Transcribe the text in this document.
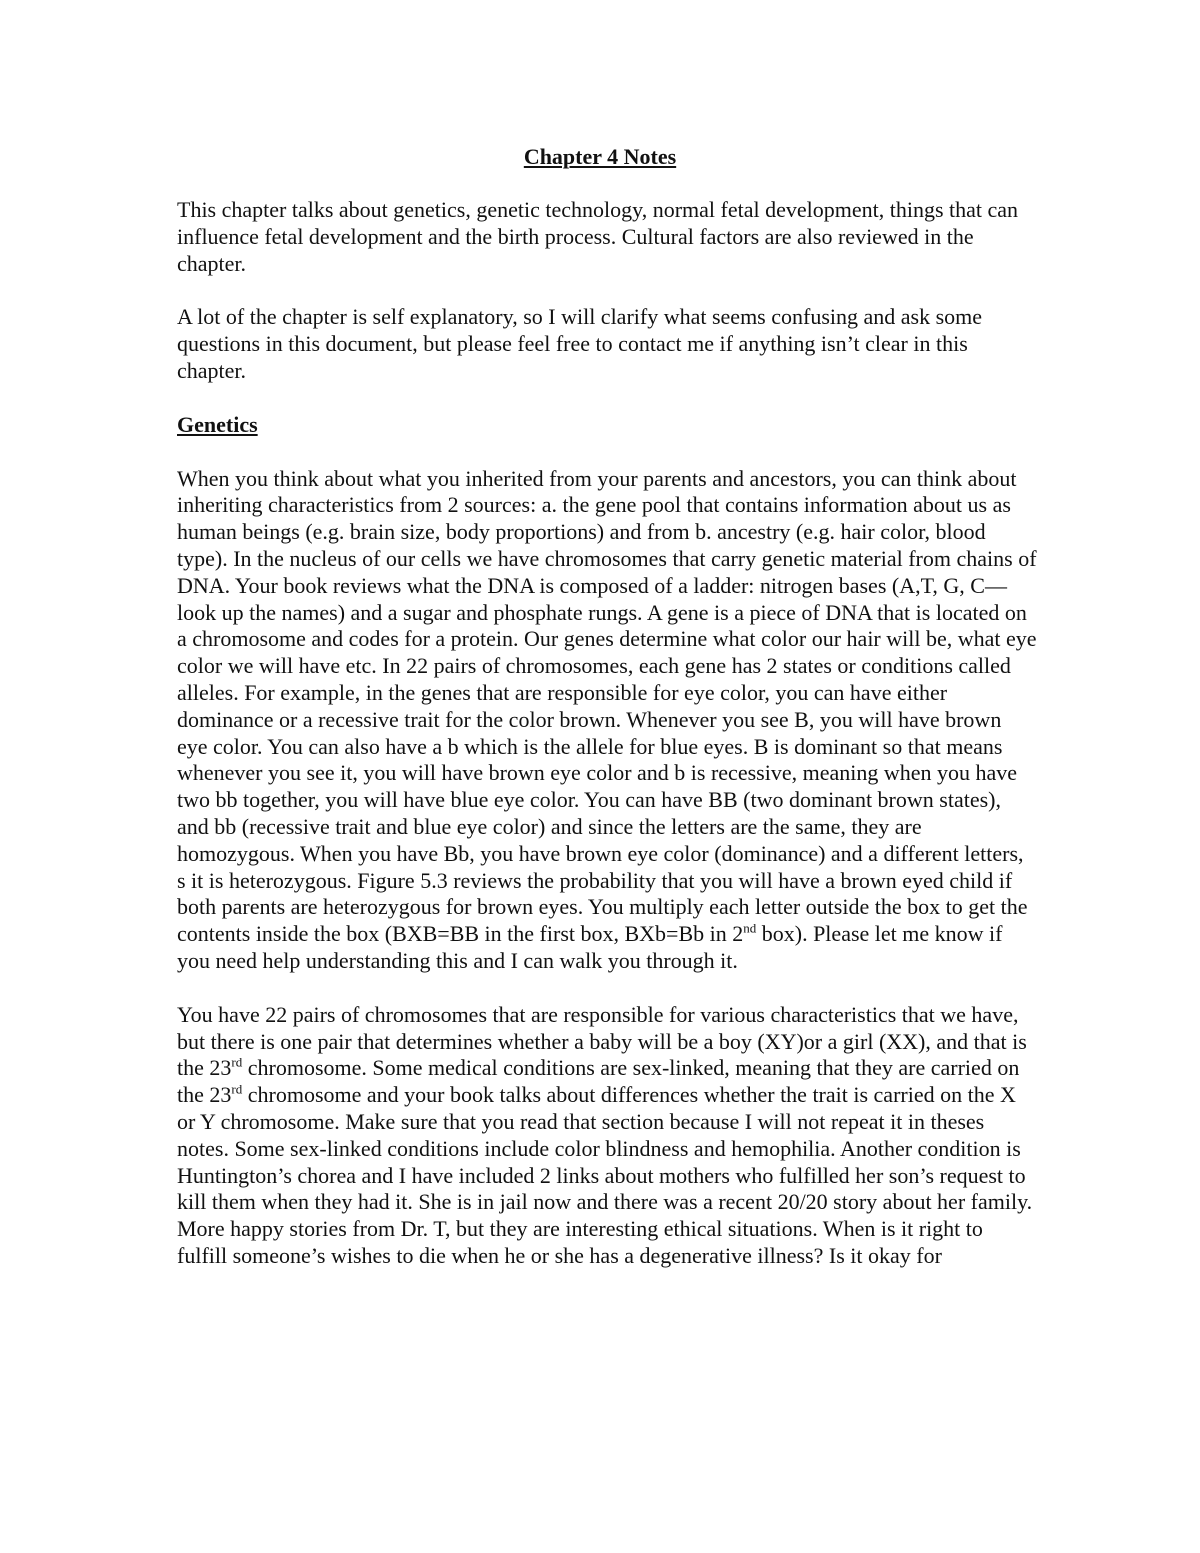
Chapter 4 Notes

This chapter talks about genetics, genetic technology, normal fetal development, things that can influence fetal development and the birth process. Cultural factors are also reviewed in the chapter.

A lot of the chapter is self explanatory, so I will clarify what seems confusing and ask some questions in this document, but please feel free to contact me if anything isn’t clear in this chapter.

Genetics

When you think about what you inherited from your parents and ancestors, you can think about inheriting characteristics from 2 sources: a. the gene pool that contains information about us as human beings (e.g. brain size, body proportions) and from b. ancestry (e.g. hair color, blood type). In the nucleus of our cells we have chromosomes that carry genetic material from chains of DNA. Your book reviews what the DNA is composed of a ladder: nitrogen bases (A,T, G, C—look up the names) and a sugar and phosphate rungs. A gene is a piece of DNA that is located on a chromosome and codes for a protein. Our genes determine what color our hair will be, what eye color we will have etc. In 22 pairs of chromosomes, each gene has 2 states or conditions called alleles. For example, in the genes that are responsible for eye color, you can have either dominance or a recessive trait for the color brown. Whenever you see B, you will have brown eye color. You can also have a b which is the allele for blue eyes. B is dominant so that means whenever you see it, you will have brown eye color and b is recessive, meaning when you have two bb together, you will have blue eye color. You can have BB (two dominant brown states), and bb (recessive trait and blue eye color) and since the letters are the same, they are homozygous. When you have Bb, you have brown eye color (dominance) and a different letters, s it is heterozygous. Figure 5.3 reviews the probability that you will have a brown eyed child if both parents are heterozygous for brown eyes. You multiply each letter outside the box to get the contents inside the box (BXB=BB in the first box, BXb=Bb in 2nd box). Please let me know if you need help understanding this and I can walk you through it.

You have 22 pairs of chromosomes that are responsible for various characteristics that we have, but there is one pair that determines whether a baby will be a boy (XY)or a girl (XX), and that is the 23rd chromosome. Some medical conditions are sex-linked, meaning that they are carried on the 23rd chromosome and your book talks about differences whether the trait is carried on the X or Y chromosome. Make sure that you read that section because I will not repeat it in theses notes. Some sex-linked conditions include color blindness and hemophilia. Another condition is Huntington’s chorea and I have included 2 links about mothers who fulfilled her son’s request to kill them when they had it. She is in jail now and there was a recent 20/20 story about her family. More happy stories from Dr. T, but they are interesting ethical situations. When is it right to fulfill someone’s wishes to die when he or she has a degenerative illness? Is it okay for
